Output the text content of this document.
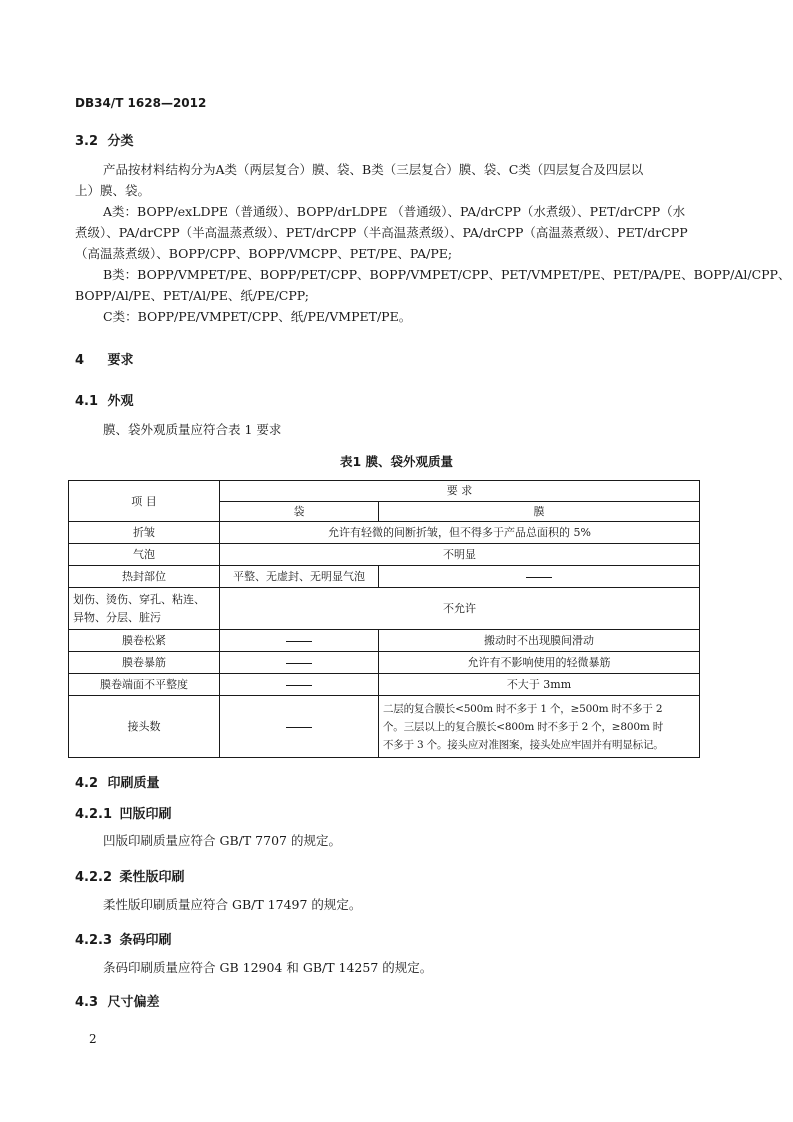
DB34/T 1628—2012
3.2 分类
产品按材料结构分为A类（两层复合）膜、袋、B类（三层复合）膜、袋、C类（四层复合及四层以
上）膜、袋。
A类：BOPP/exLDPE（普通级）、BOPP/drLDPE （普通级）、PA/drCPP（水煮级）、PET/drCPP（水
煮级）、PA/drCPP（半高温蒸煮级）、PET/drCPP（半高温蒸煮级）、PA/drCPP（高温蒸煮级）、PET/drCPP
（高温蒸煮级）、BOPP/CPP、BOPP/VMCPP、PET/PE、PA/PE;
B类：BOPP/VMPET/PE、BOPP/PET/CPP、BOPP/VMPET/CPP、PET/VMPET/PE、PET/PA/PE、BOPP/Al/CPP、
BOPP/Al/PE、PET/Al/PE、纸/PE/CPP;
C类：BOPP/PE/VMPET/CPP、纸/PE/VMPET/PE。
4 要求
4.1 外观
膜、袋外观质量应符合表 1 要求
表1 膜、袋外观质量
项 目	要 求	
	袋	膜
折皱	允许有轻微的间断折皱，但不得多于产品总面积的 5%	
气泡	不明显	
热封部位	平整、无虚封、无明显气泡	

划伤、烫伤、穿孔、粘连、
异物、分层、脏污	不允许	
膜卷松紧		搬动时不出现膜间滑动
膜卷暴筋		允许有不影响使用的轻微暴筋
膜卷端面不平整度		不大于 3mm
接头数		二层的复合膜长<500m 时不多于 1 个，≥500m 时不多于 2
个。三层以上的复合膜长<800m 时不多于 2 个，≥800m 时
不多于 3 个。接头应对准图案，接头处应牢固并有明显标记。
4.2 印刷质量
4.2.1 凹版印刷
凹版印刷质量应符合 GB/T 7707 的规定。
4.2.2 柔性版印刷
柔性版印刷质量应符合 GB/T 17497 的规定。
4.2.3 条码印刷
条码印刷质量应符合 GB 12904 和 GB/T 14257 的规定。
4.3 尺寸偏差
2
